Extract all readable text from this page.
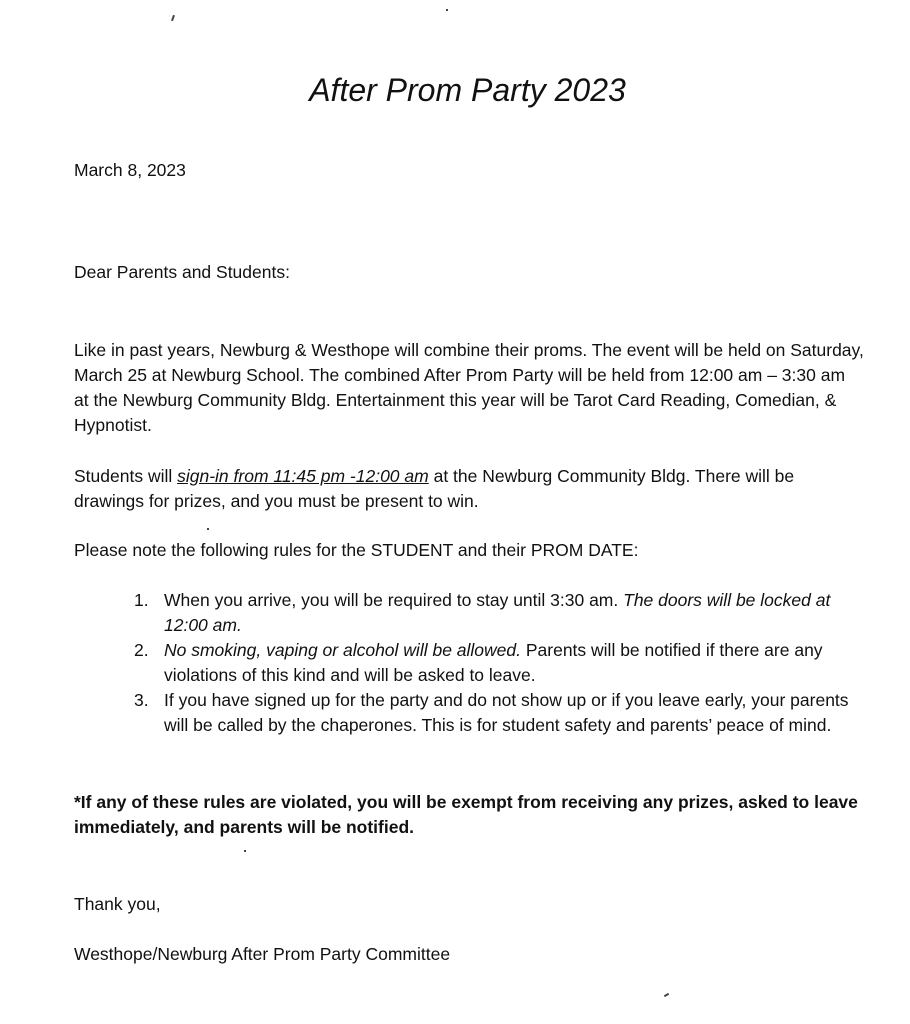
After Prom Party 2023

March 8, 2023

Dear Parents and Students:

Like in past years, Newburg & Westhope will combine their proms. The event will be held on Saturday, March 25 at Newburg School. The combined After Prom Party will be held from 12:00 am – 3:30 am at the Newburg Community Bldg. Entertainment this year will be Tarot Card Reading, Comedian, & Hypnotist.

Students will sign-in from 11:45 pm -12:00 am at the Newburg Community Bldg. There will be drawings for prizes, and you must be present to win.

Please note the following rules for the STUDENT and their PROM DATE:

1. When you arrive, you will be required to stay until 3:30 am. The doors will be locked at 12:00 am.
2. No smoking, vaping or alcohol will be allowed. Parents will be notified if there are any violations of this kind and will be asked to leave.
3. If you have signed up for the party and do not show up or if you leave early, your parents will be called by the chaperones. This is for student safety and parents’ peace of mind.

*If any of these rules are violated, you will be exempt from receiving any prizes, asked to leave immediately, and parents will be notified.

Thank you,

Westhope/Newburg After Prom Party Committee
